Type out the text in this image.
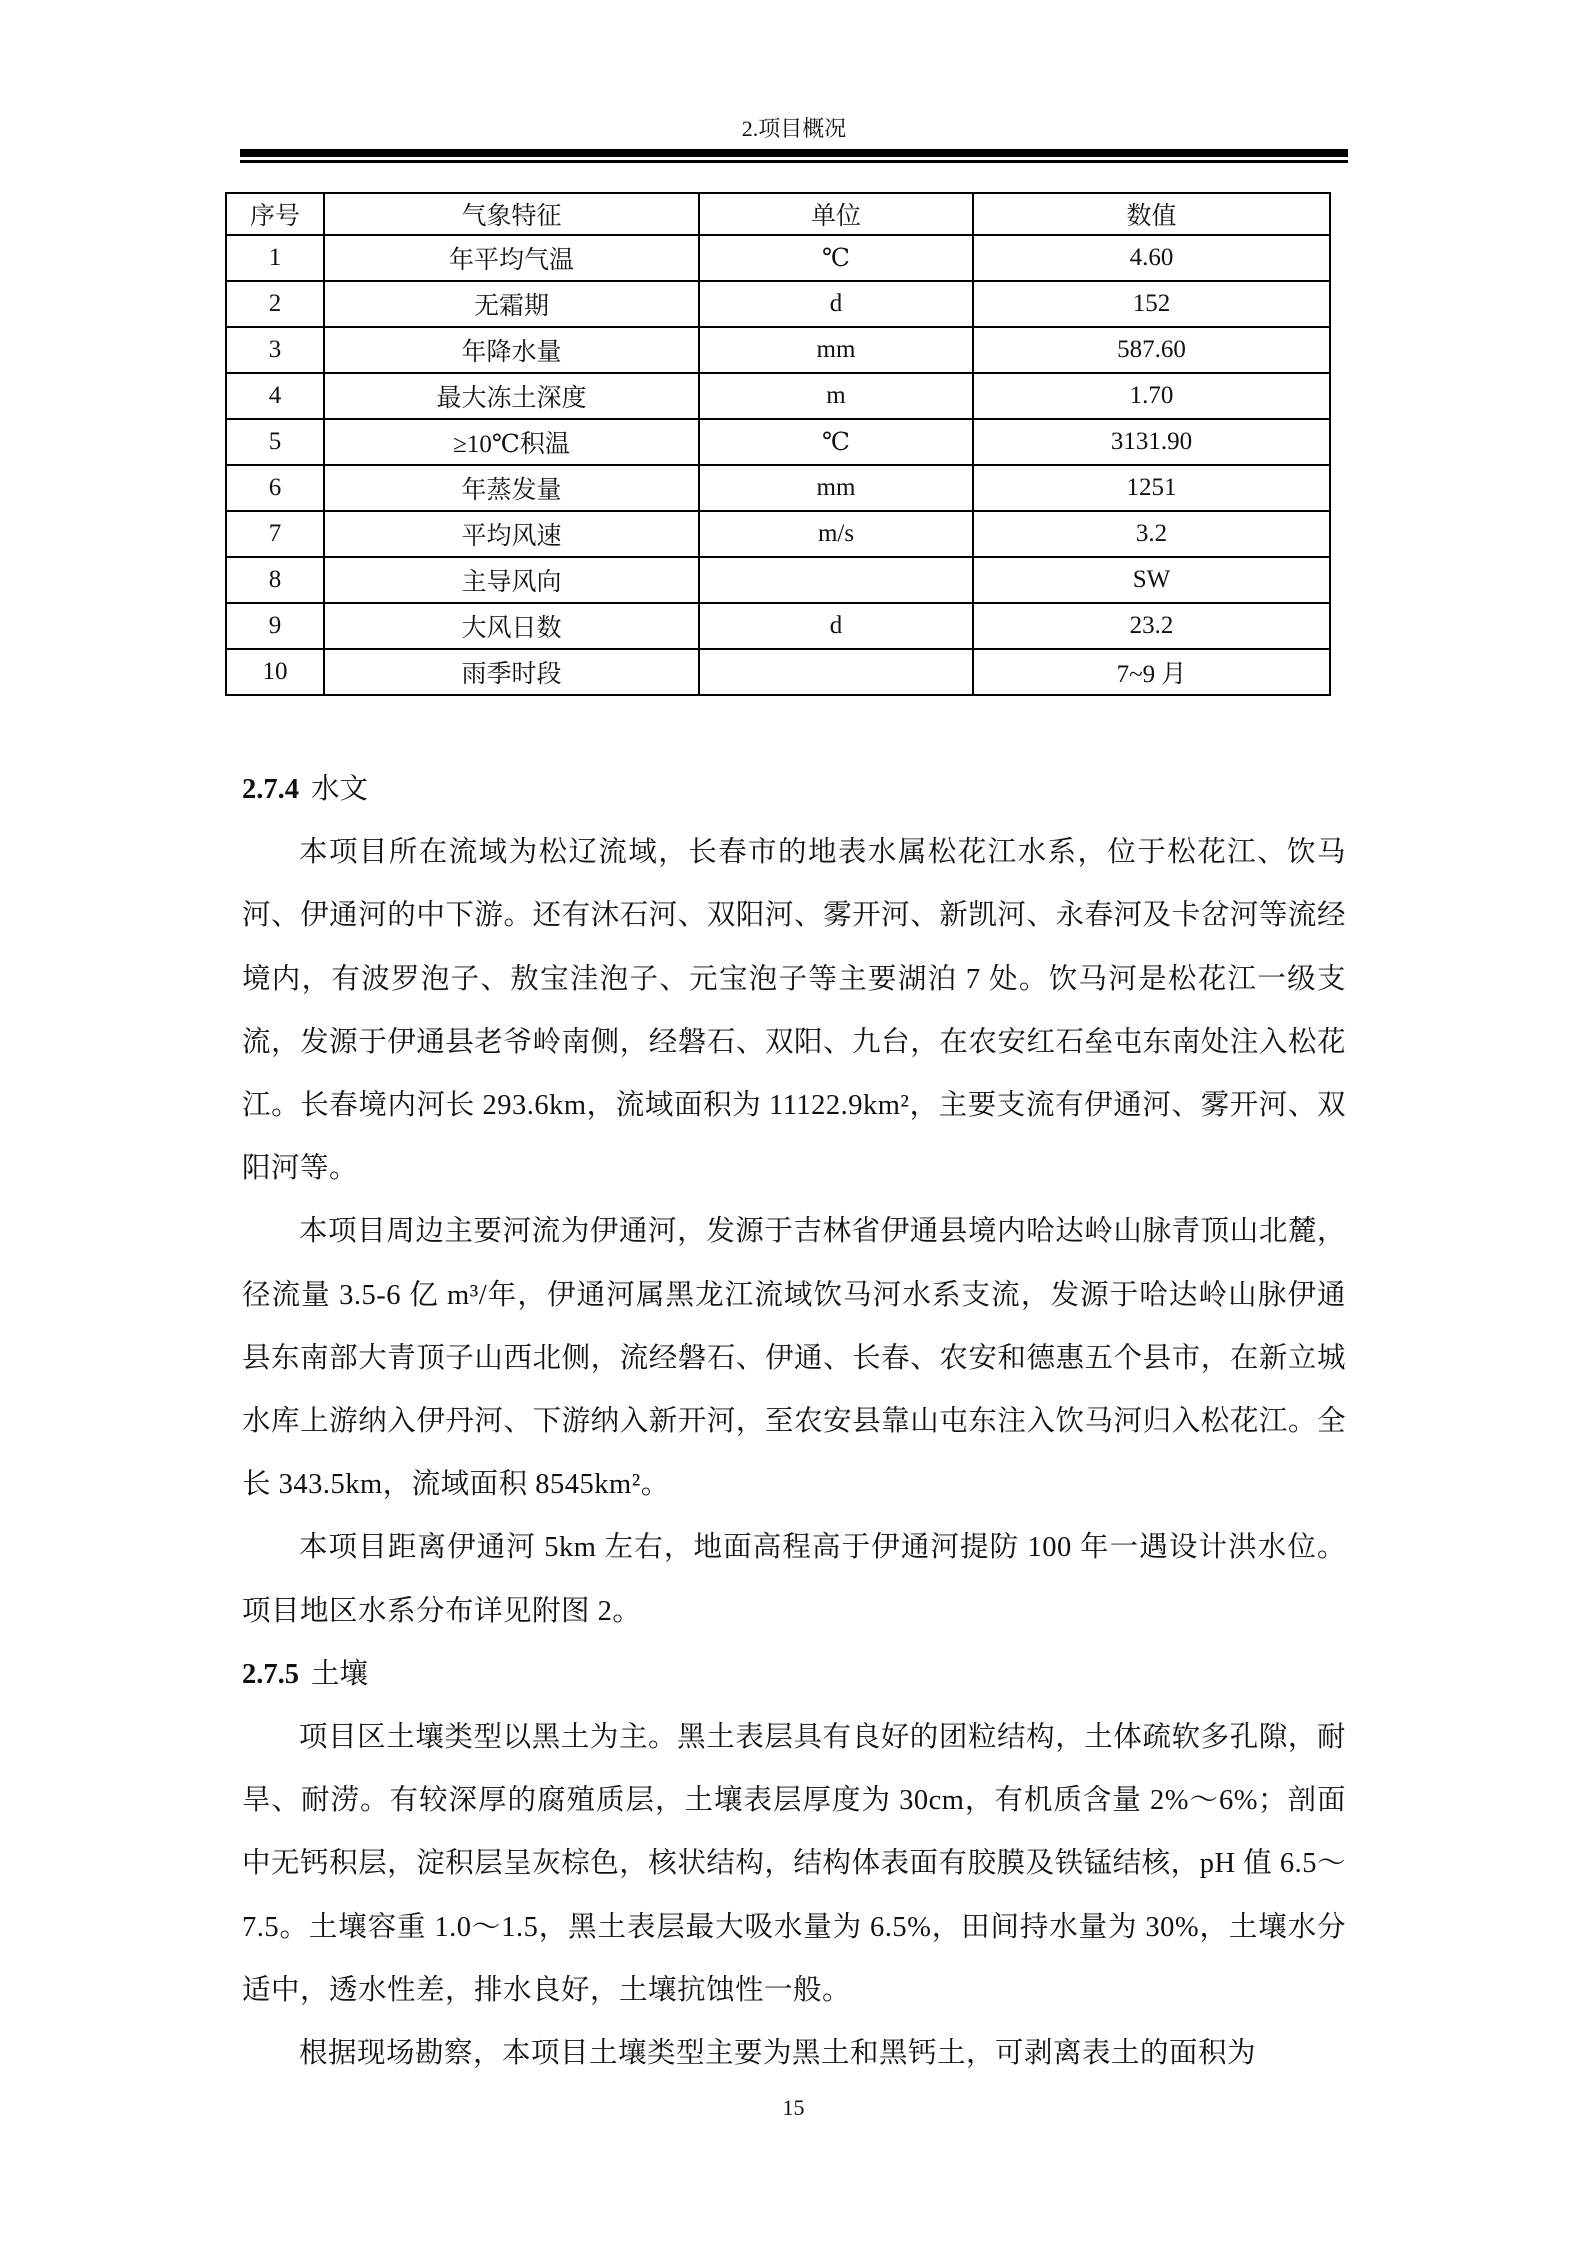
2.项目概况
序号	气象特征	单位	数值
1	年平均气温	℃	4.60
2	无霜期	d	152
3	年降水量	mm	587.60
4	最大冻土深度	m	1.70
5	≥10℃积温	℃	3131.90
6	年蒸发量	mm	1251
7	平均风速	m/s	3.2
8	主导风向		SW
9	大风日数	d	23.2
10	雨季时段		7~9 月
2.7.4 水文

本项目所在流域为松辽流域，长春市的地表水属松花江水系，位于松花江、饮马河、伊通河的中下游。还有沐石河、双阳河、雾开河、新凯河、永春河及卡岔河等流经境内，有波罗泡子、敖宝洼泡子、元宝泡子等主要湖泊 7 处。饮马河是松花江一级支流，发源于伊通县老爷岭南侧，经磐石、双阳、九台，在农安红石垒屯东南处注入松花江。长春境内河长 293.6km，流域面积为 11122.9km²，主要支流有伊通河、雾开河、双阳河等。

本项目周边主要河流为伊通河，发源于吉林省伊通县境内哈达岭山脉青顶山北麓，径流量 3.5-6 亿 m³/年，伊通河属黑龙江流域饮马河水系支流，发源于哈达岭山脉伊通县东南部大青顶子山西北侧，流经磐石、伊通、长春、农安和德惠五个县市，在新立城水库上游纳入伊丹河、下游纳入新开河，至农安县靠山屯东注入饮马河归入松花江。全长 343.5km，流域面积 8545km²。

本项目距离伊通河 5km 左右，地面高程高于伊通河提防 100 年一遇设计洪水位。项目地区水系分布详见附图 2。

2.7.5 土壤

项目区土壤类型以黑土为主。黑土表层具有良好的团粒结构，土体疏软多孔隙，耐旱、耐涝。有较深厚的腐殖质层，土壤表层厚度为 30cm，有机质含量 2%～6%；剖面中无钙积层，淀积层呈灰棕色，核状结构，结构体表面有胶膜及铁锰结核，pH 值 6.5～7.5。土壤容重 1.0～1.5，黑土表层最大吸水量为 6.5%，田间持水量为 30%，土壤水分适中，透水性差，排水良好，土壤抗蚀性一般。

根据现场勘察，本项目土壤类型主要为黑土和黑钙土，可剥离表土的面积为

15
